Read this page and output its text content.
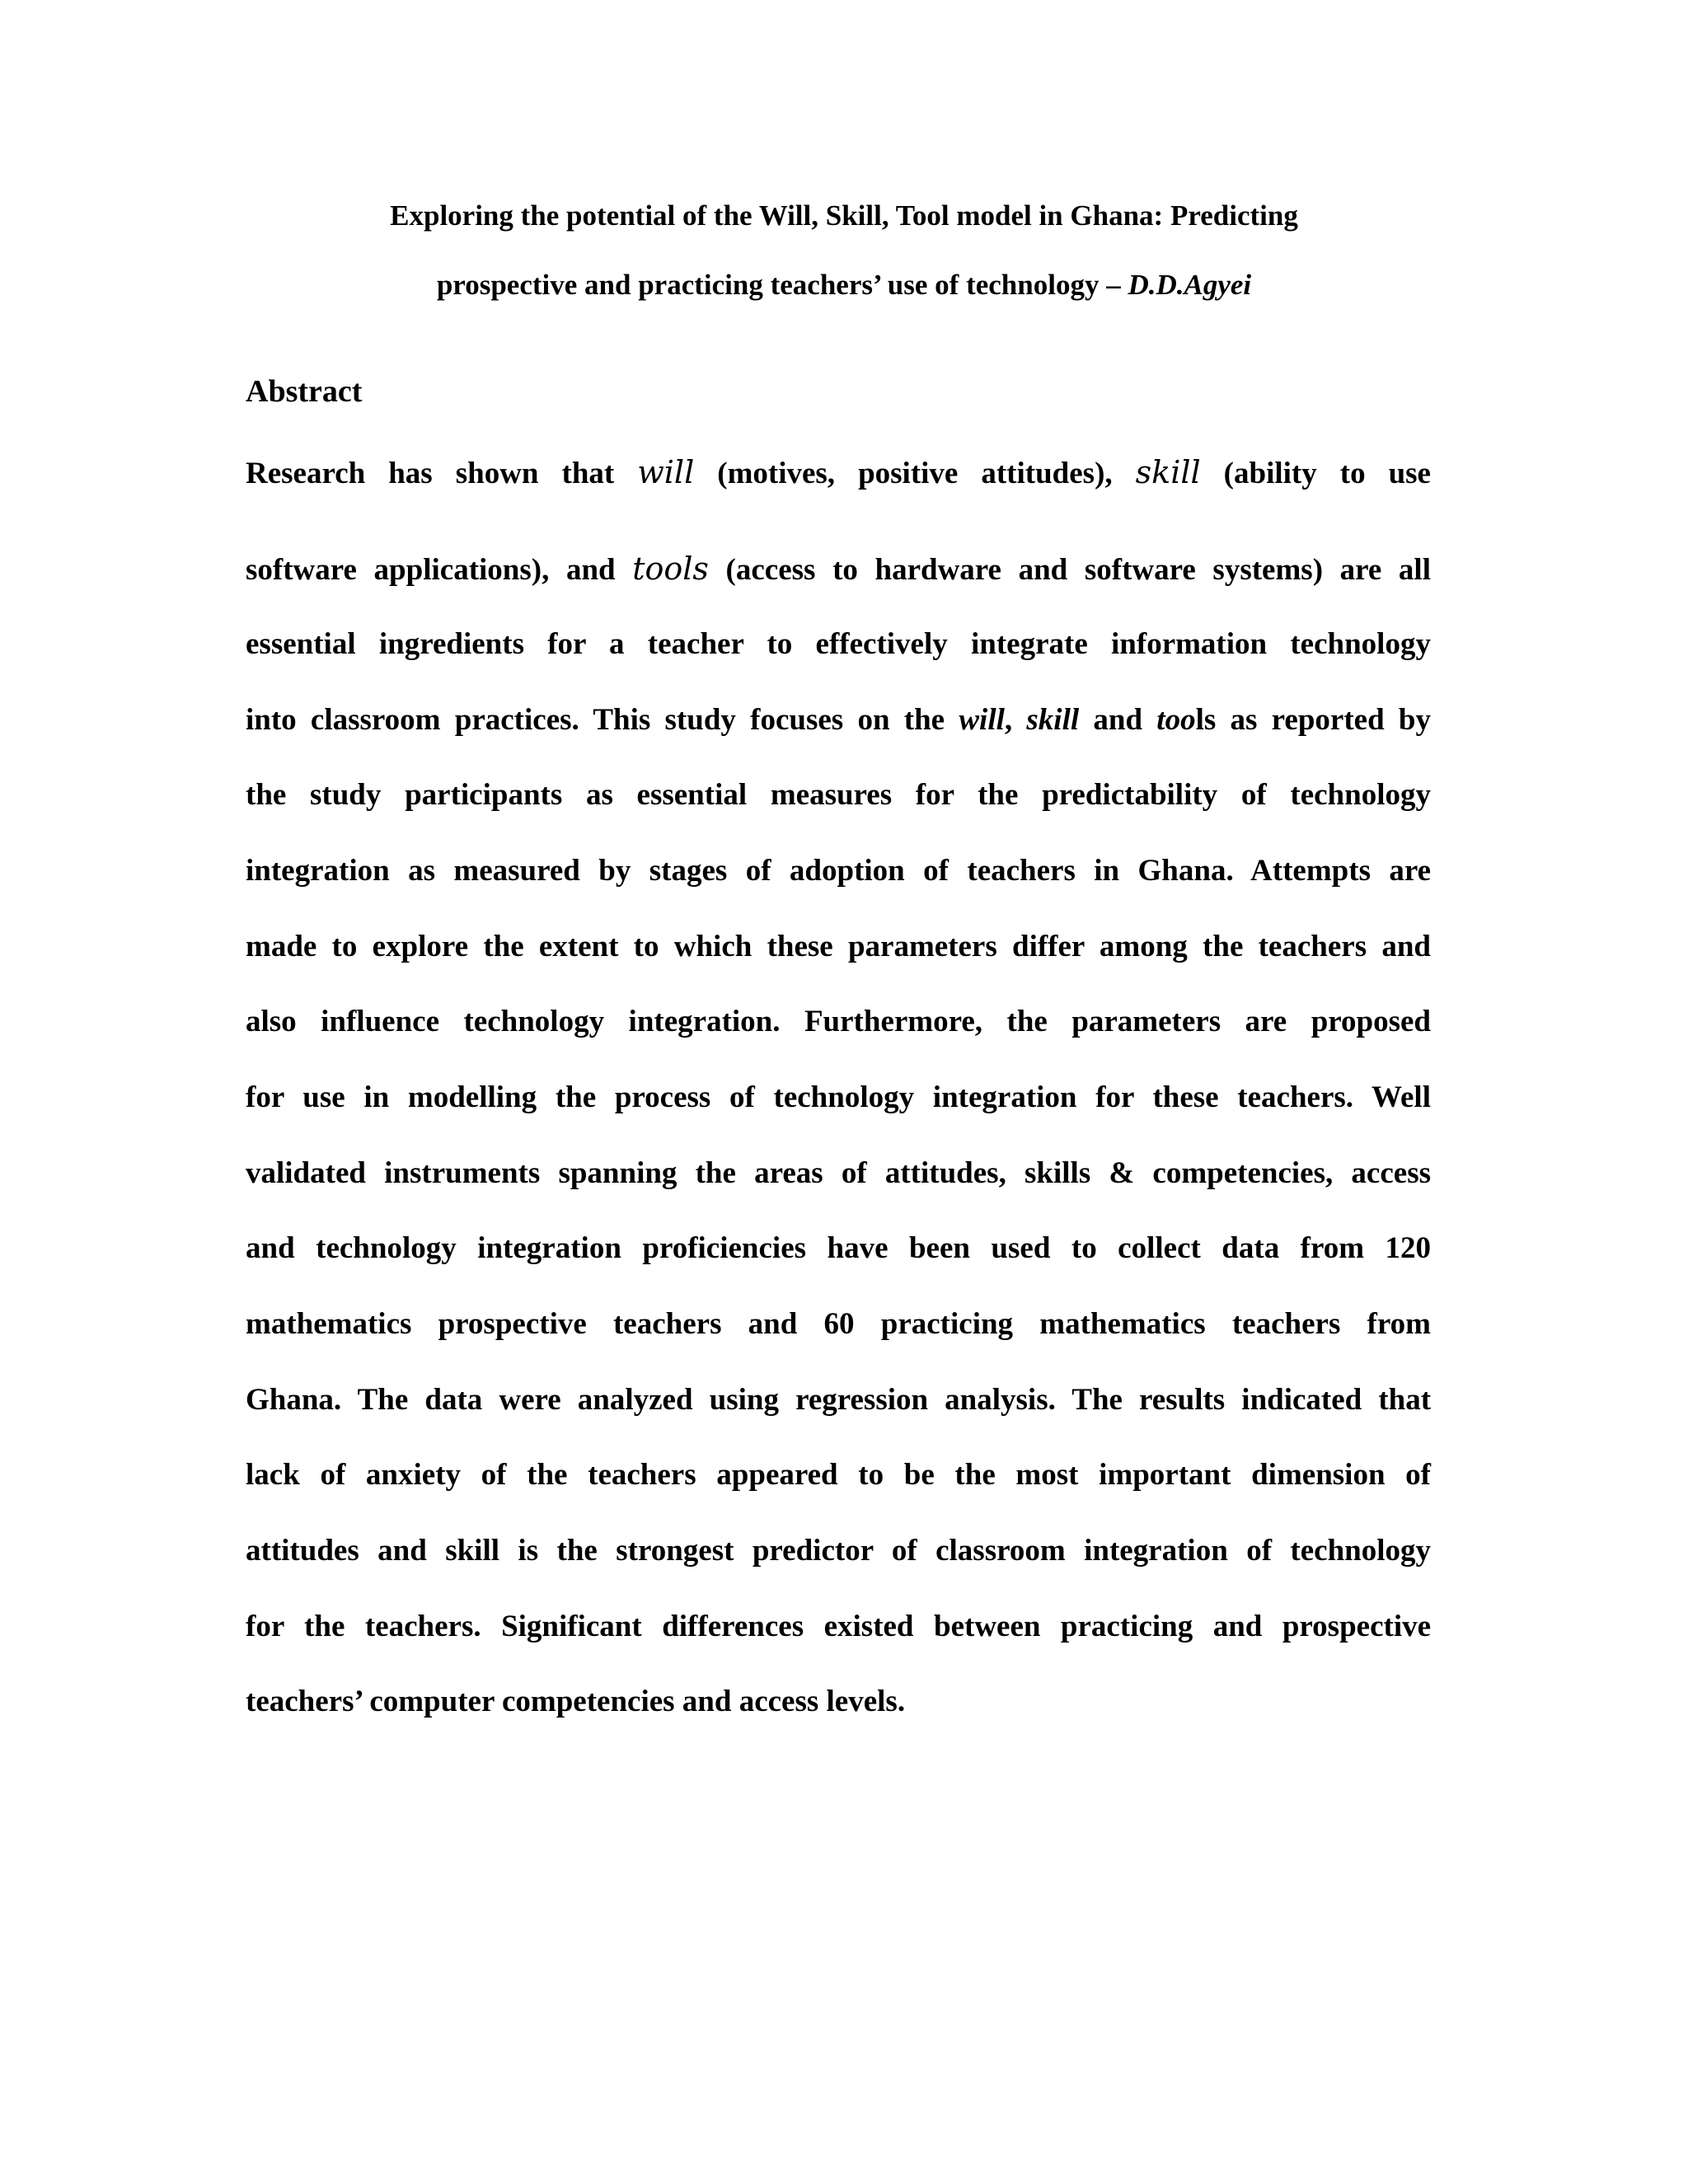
Exploring the potential of the Will, Skill, Tool model in Ghana: Predicting
prospective and practicing teachers’ use of technology – D.D.Agyei
Abstract
Research has shown that will (motives, positive attitudes), skill (ability to use
software applications), and tools (access to hardware and software systems) are all
essential ingredients for a teacher to effectively integrate information technology
into classroom practices. This study focuses on the will, skill and tools as reported by
the study participants as essential measures for the predictability of technology
integration as measured by stages of adoption of teachers in Ghana. Attempts are
made to explore the extent to which these parameters differ among the teachers and
also influence technology integration. Furthermore, the parameters are proposed
for use in modelling the process of technology integration for these teachers. Well
validated instruments spanning the areas of attitudes, skills & competencies, access
and technology integration proficiencies have been used to collect data from 120
mathematics prospective teachers and 60 practicing mathematics teachers from
Ghana. The data were analyzed using regression analysis. The results indicated that
lack of anxiety of the teachers appeared to be the most important dimension of
attitudes and skill is the strongest predictor of classroom integration of technology
for the teachers. Significant differences existed between practicing and prospective
teachers’ computer competencies and access levels.
